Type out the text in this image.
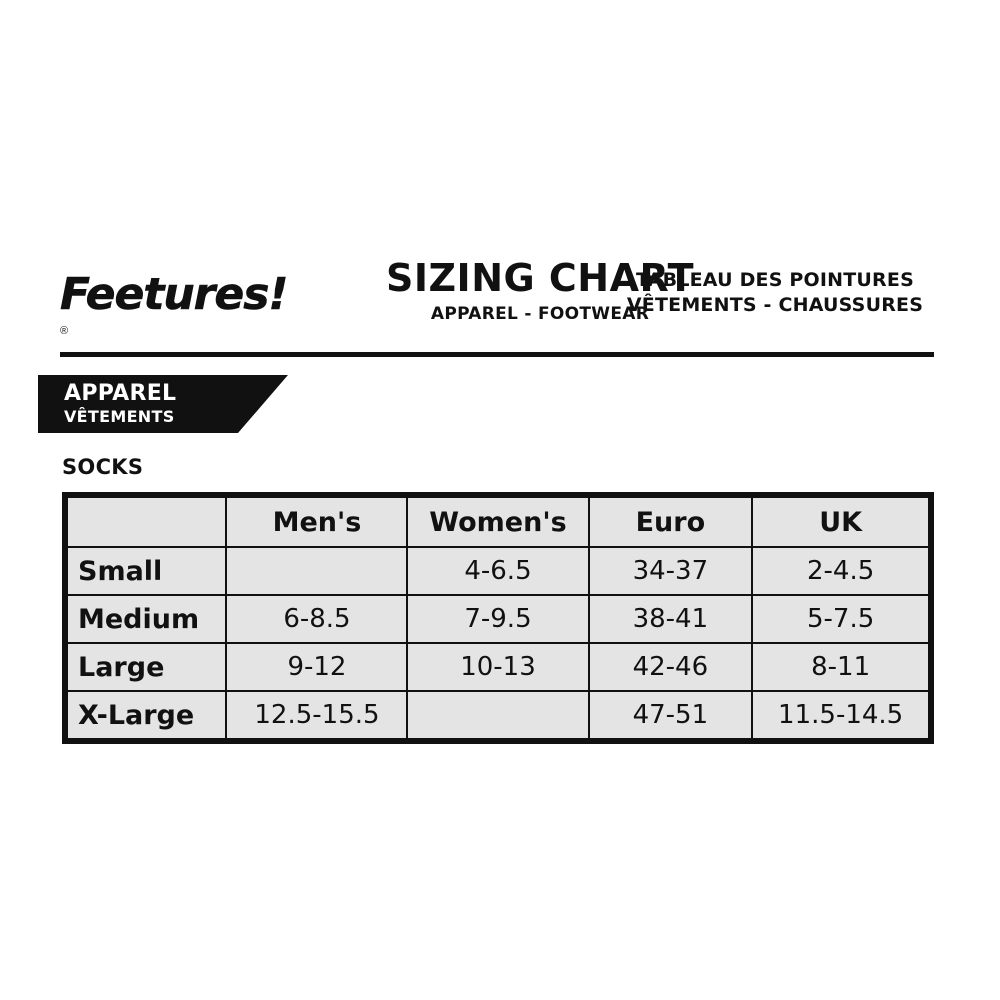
Feetures!®
SIZING CHART
APPAREL - FOOTWEAR
TABLEAU DES POINTURES
VÊTEMENTS - CHAUSSURES
APPAREL
VÊTEMENTS
SOCKS
	Men's	Women's	Euro	UK
Small		4-6.5	34-37	2-4.5
Medium	6-8.5	7-9.5	38-41	5-7.5
Large	9-12	10-13	42-46	8-11
X-Large	12.5-15.5		47-51	11.5-14.5
